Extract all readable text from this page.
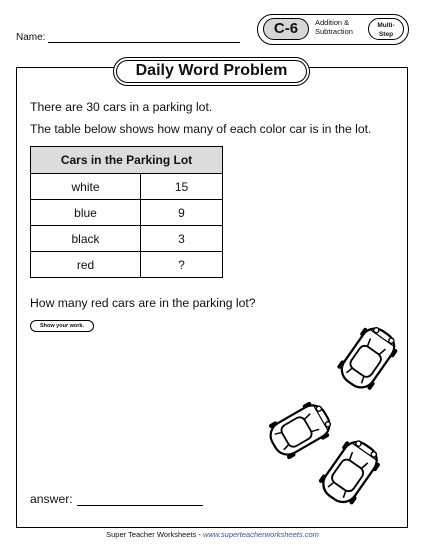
Name:
C-6	Addition &
Subtraction
Multi-
Step
Daily Word Problem
There are 30 cars in a parking lot.
The table below shows how many of each color car is in the lot.
Cars in the Parking Lot	
white	15
blue	9
black	3
red	?
How many red cars are in the parking lot?
Show your work.
answer:
Super Teacher Worksheets - www.superteacherworksheets.com
